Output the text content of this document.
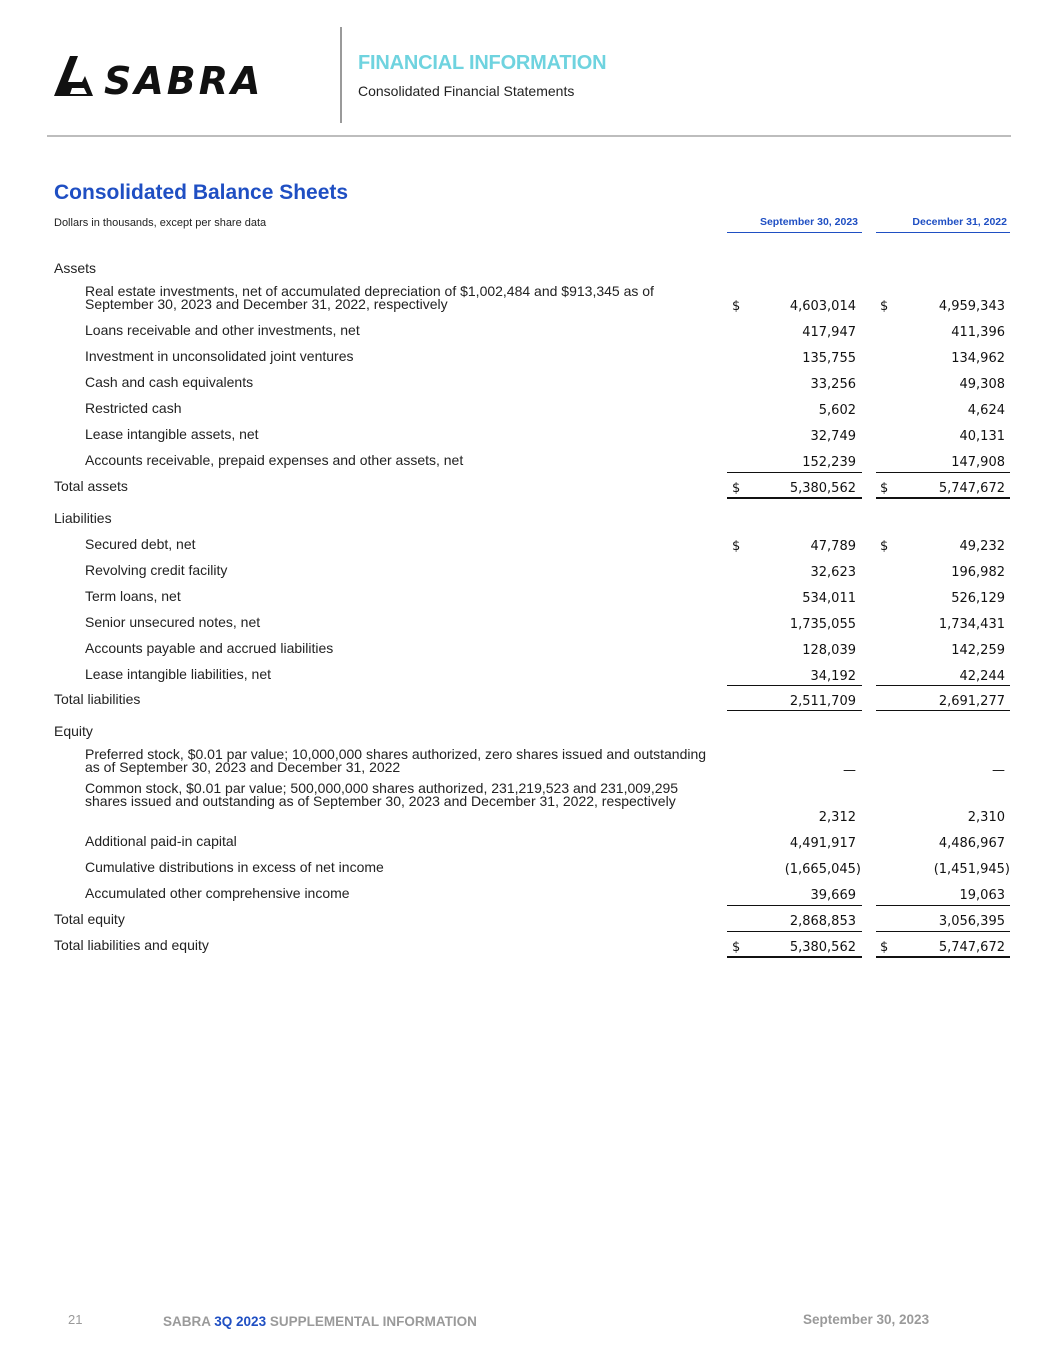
SABRA	FINANCIAL INFORMATION
Consolidated Financial Statements
Consolidated Balance Sheets
Dollars in thousands, except per share data	September 30, 2023	December 31, 2022
Assets
Real estate investments, net of accumulated depreciation of $1,002,484 and $913,345 as of September 30, 2023 and December 31, 2022, respectively	$	4,603,014 $	4,959,343
Loans receivable and other investments, net	417,947	411,396
Investment in unconsolidated joint ventures	135,755	134,962
Cash and cash equivalents	33,256	49,308
Restricted cash	5,602	4,624
Lease intangible assets, net	32,749	40,131
Accounts receivable, prepaid expenses and other assets, net	152,239	147,908
Total assets	$	5,380,562 $	5,747,672
Liabilities
Secured debt, net	$	47,789 $	49,232
Revolving credit facility	32,623	196,982
Term loans, net	534,011	526,129
Senior unsecured notes, net	1,735,055	1,734,431
Accounts payable and accrued liabilities	128,039	142,259
Lease intangible liabilities, net	34,192	42,244
Total liabilities	2,511,709	2,691,277
Equity
Preferred stock, $0.01 par value; 10,000,000 shares authorized, zero shares issued and outstanding as of September 30, 2023 and December 31, 2022	—	—
Common stock, $0.01 par value; 500,000,000 shares authorized, 231,219,523 and 231,009,295 shares issued and outstanding as of September 30, 2023 and December 31, 2022, respectively
2,312	2,310
Additional paid-in capital	4,491,917	4,486,967
Cumulative distributions in excess of net income	(1,665,045)	(1,451,945)
Accumulated other comprehensive income	39,669	19,063
Total equity	2,868,853	3,056,395
Total liabilities and equity	$	5,380,562 $	5,747,672
21	SABRA 3Q 2023 SUPPLEMENTAL INFORMATION	September 30, 2023
